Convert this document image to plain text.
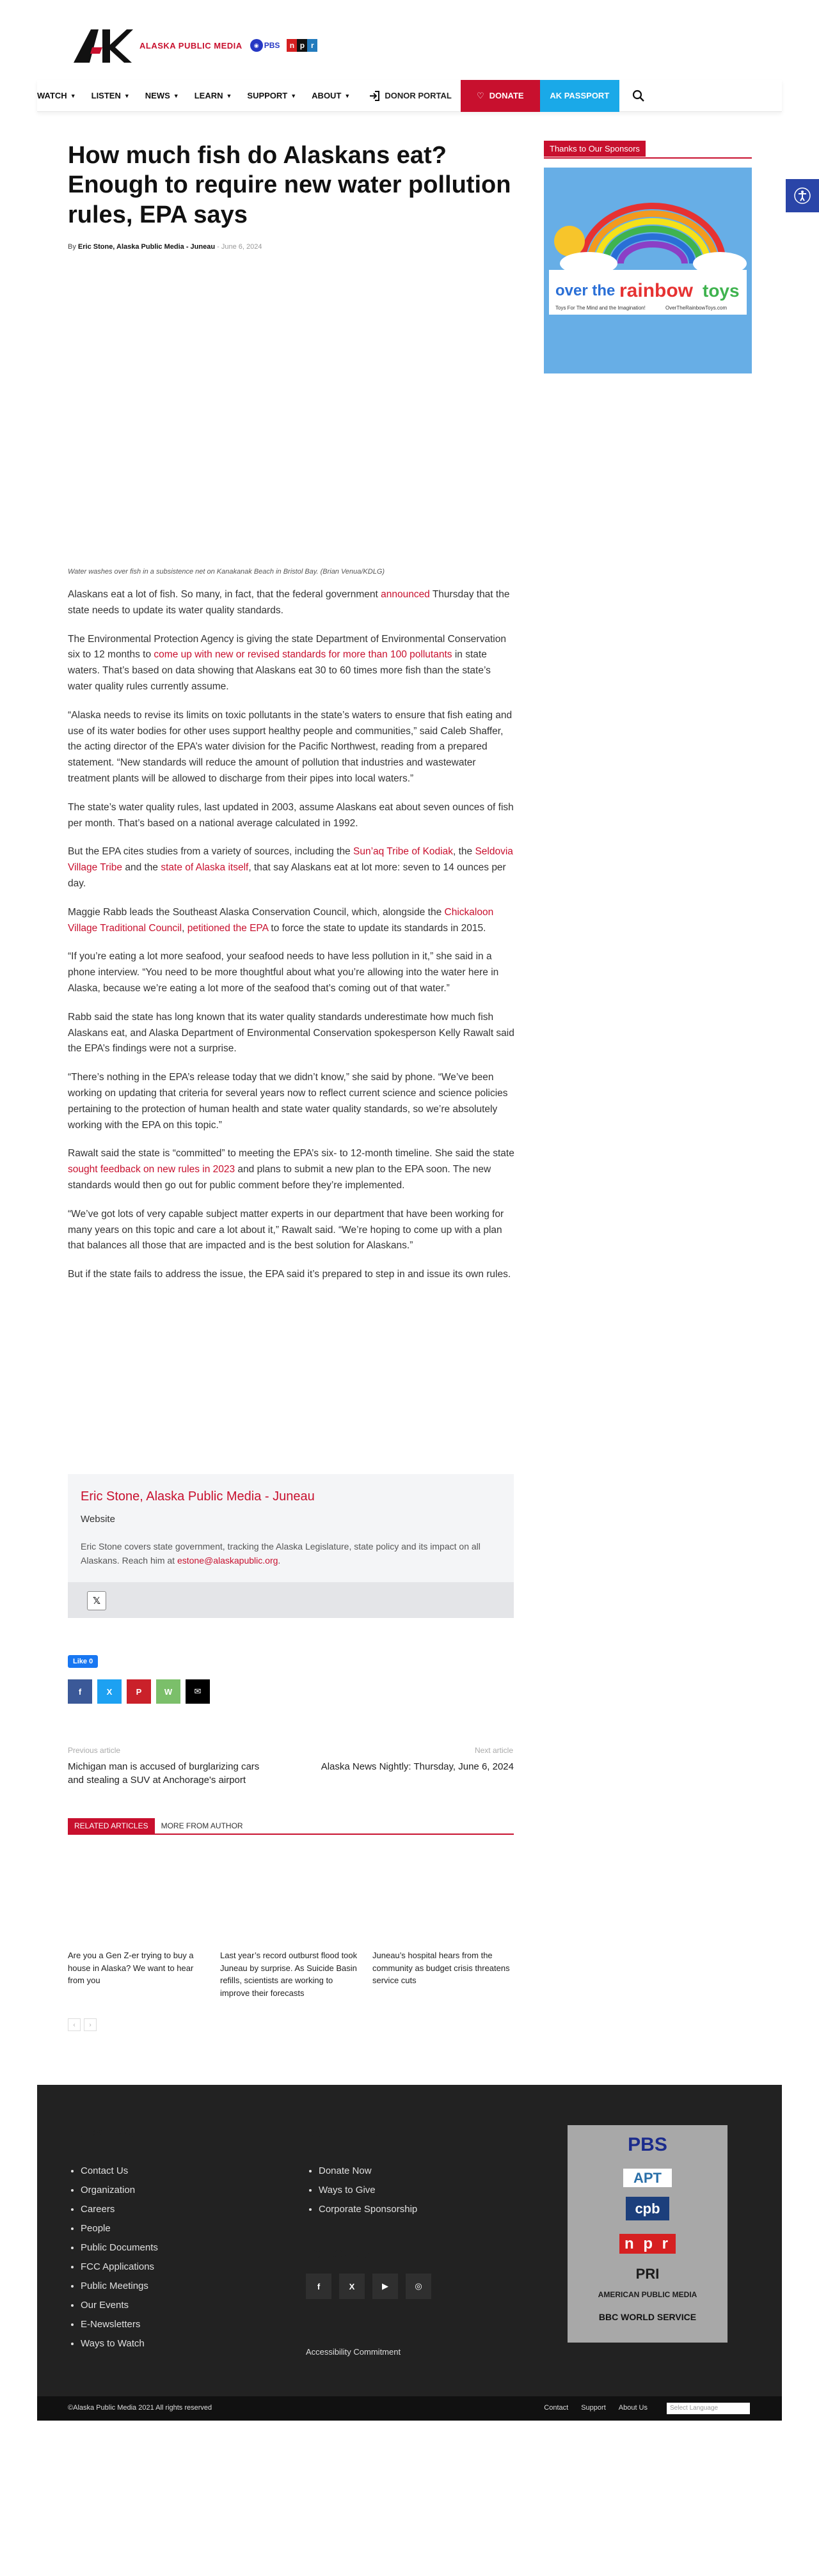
ALASKA PUBLIC MEDIA	◉ PBS	n p r
WATCH ▼ LISTEN ▼ NEWS ▼ LEARN ▼ SUPPORT ▼ ABOUT ▼	DONOR PORTAL	♡ DONATE	AK PASSPORT
How much fish do Alaskans eat? Enough to require new water pollution rules, EPA says
By Eric Stone, Alaska Public Media - Juneau - June 6, 2024
Water washes over fish in a subsistence net on Kanakanak Beach in Bristol Bay. (Brian Venua/KDLG)

Alaskans eat a lot of fish. So many, in fact, that the federal government announced Thursday that the state needs to update its water quality standards.

The Environmental Protection Agency is giving the state Department of Environmental Conservation six to 12 months to come up with new or revised standards for more than 100 pollutants in state waters. That’s based on data showing that Alaskans eat 30 to 60 times more fish than the state’s water quality rules currently assume.

“Alaska needs to revise its limits on toxic pollutants in the state’s waters to ensure that fish eating and use of its water bodies for other uses support healthy people and communities,” said Caleb Shaffer, the acting director of the EPA’s water division for the Pacific Northwest, reading from a prepared statement. “New standards will reduce the amount of pollution that industries and wastewater treatment plants will be allowed to discharge from their pipes into local waters.”

The state’s water quality rules, last updated in 2003, assume Alaskans eat about seven ounces of fish per month. That’s based on a national average calculated in 1992.

But the EPA cites studies from a variety of sources, including the Sun’aq Tribe of Kodiak, the Seldovia Village Tribe and the state of Alaska itself, that say Alaskans eat at lot more: seven to 14 ounces per day.

Maggie Rabb leads the Southeast Alaska Conservation Council, which, alongside the Chickaloon Village Traditional Council, petitioned the EPA to force the state to update its standards in 2015.

“If you’re eating a lot more seafood, your seafood needs to have less pollution in it,” she said in a phone interview. “You need to be more thoughtful about what you’re allowing into the water here in Alaska, because we’re eating a lot more of the seafood that’s coming out of that water.”

Rabb said the state has long known that its water quality standards underestimate how much fish Alaskans eat, and Alaska Department of Environmental Conservation spokesperson Kelly Rawalt said the EPA’s findings were not a surprise.

“There’s nothing in the EPA’s release today that we didn’t know,” she said by phone. “We’ve been working on updating that criteria for several years now to reflect current science and science policies pertaining to the protection of human health and state water quality standards, so we’re absolutely working with the EPA on this topic.”

Rawalt said the state is “committed” to meeting the EPA’s six- to 12-month timeline. She said the state sought feedback on new rules in 2023 and plans to submit a new plan to the EPA soon. The new standards would then go out for public comment before they’re implemented.

“We’ve got lots of very capable subject matter experts in our department that have been working for many years on this topic and care a lot about it,” Rawalt said. “We’re hoping to come up with a plan that balances all those that are impacted and is the best solution for Alaskans.”

But if the state fails to address the issue, the EPA said it’s prepared to step in and issue its own rules.

Thanks to Our Sponsors
over the rainbow toys
Toys For The Mind and the Imagination!	OverTheRainbowToys.com
Eric Stone, Alaska Public Media - Juneau
Website

Eric Stone covers state government, tracking the Alaska Legislature, state policy and its impact on all Alaskans. Reach him at estone@alaskapublic.org.

𝕏
Like 0
f	X	P	W	✉
Previous article
Michigan man is accused of burglarizing cars and stealing a SUV at Anchorage's airport
Next article
Alaska News Nightly: Thursday, June 6, 2024
RELATED ARTICLES	MORE FROM AUTHOR
Are you a Gen Z-er trying to buy a house in Alaska? We want to hear from you
Last year’s record outburst flood took Juneau by surprise. As Suicide Basin refills, scientists are working to improve their forecasts
Juneau’s hospital hears from the community as budget crisis threatens service cuts
‹	›
QUICK LINKS
• Contact Us
• Organization
• Careers
• People
• Public Documents
• FCC Applications
• Public Meetings
• Our Events
• E-Newsletters
• Ways to Watch
CONTRIBUTE
• Donate Now
• Ways to Give
• Corporate Sponsorship
FOLLOW US
f	X	▶	◎
Accessibility Commitment
PBS
APT
cpb
n p r
PRI
AMERICAN PUBLIC MEDIA
BBC WORLD SERVICE
©Alaska Public Media 2021 All rights reserved	Contact Support About Us	Select Language
